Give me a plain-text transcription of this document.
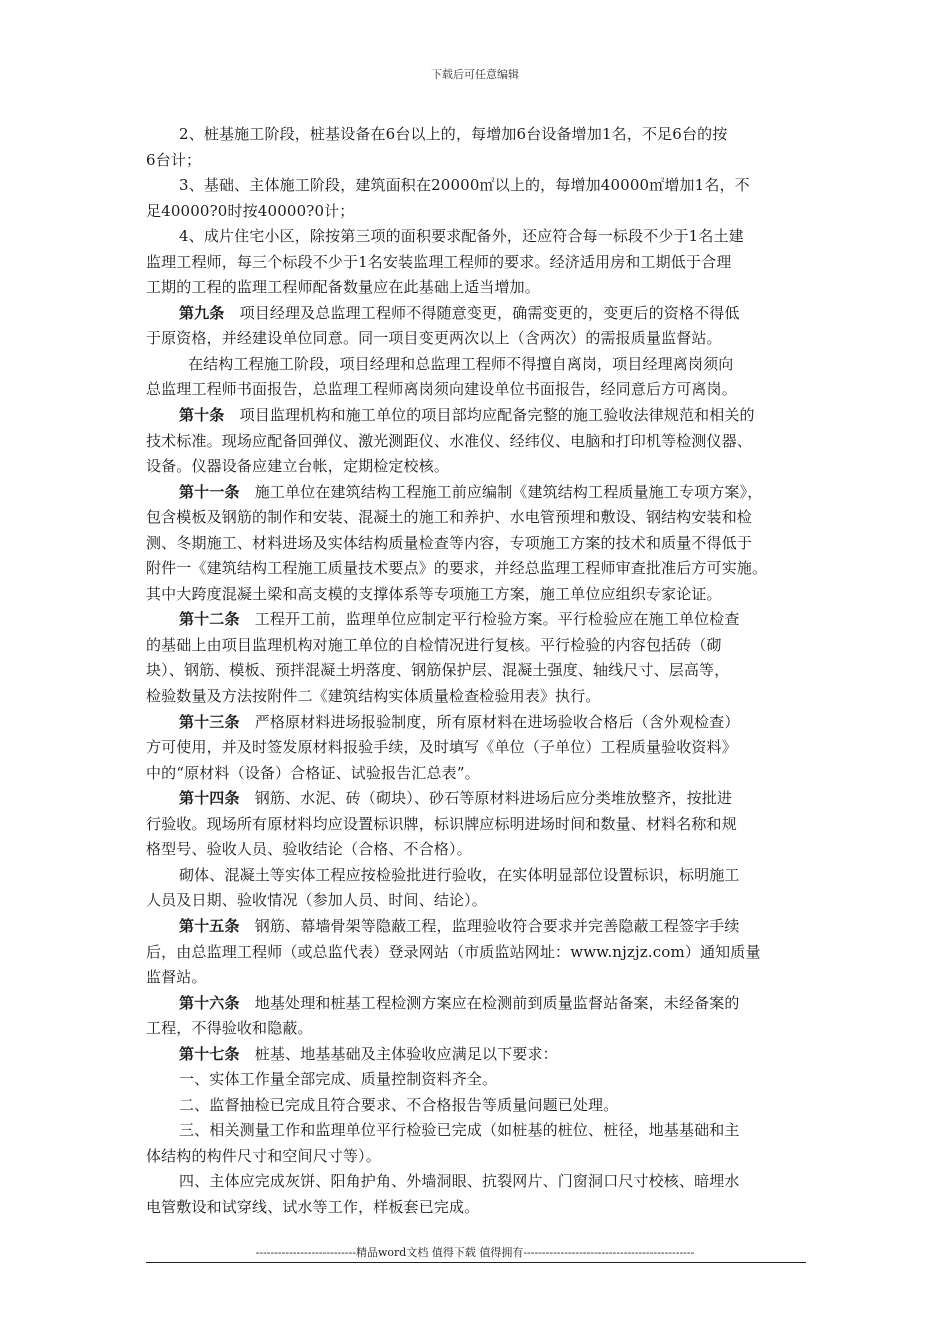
下载后可任意编辑
2、桩基施工阶段，桩基设备在6台以上的，每增加6台设备增加1名，不足6台的按
6台计；
3、基础、主体施工阶段，建筑面积在20000㎡以上的，每增加40000㎡增加1名，不
足40000?0时按40000?0计；
4、成片住宅小区，除按第三项的面积要求配备外，还应符合每一标段不少于1名土建
监理工程师，每三个标段不少于1名安装监理工程师的要求。经济适用房和工期低于合理
工期的工程的监理工程师配备数量应在此基础上适当增加。
第九条　项目经理及总监理工程师不得随意变更，确需变更的，变更后的资格不得低
于原资格，并经建设单位同意。同一项目变更两次以上（含两次）的需报质量监督站。
在结构工程施工阶段，项目经理和总监理工程师不得擅自离岗，项目经理离岗须向
总监理工程师书面报告，总监理工程师离岗须向建设单位书面报告，经同意后方可离岗。
第十条　项目监理机构和施工单位的项目部均应配备完整的施工验收法律规范和相关的
技术标准。现场应配备回弹仪、激光测距仪、水准仪、经纬仪、电脑和打印机等检测仪器、
设备。仪器设备应建立台帐，定期检定校核。
第十一条　施工单位在建筑结构工程施工前应编制《建筑结构工程质量施工专项方案》，
包含模板及钢筋的制作和安装、混凝土的施工和养护、水电管预埋和敷设、钢结构安装和检
测、冬期施工、材料进场及实体结构质量检查等内容，专项施工方案的技术和质量不得低于
附件一《建筑结构工程施工质量技术要点》的要求，并经总监理工程师审查批准后方可实施。
其中大跨度混凝土梁和高支模的支撑体系等专项施工方案，施工单位应组织专家论证。
第十二条　工程开工前，监理单位应制定平行检验方案。平行检验应在施工单位检查
的基础上由项目监理机构对施工单位的自检情况进行复核。平行检验的内容包括砖（砌
块）、钢筋、模板、预拌混凝土坍落度、钢筋保护层、混凝土强度、轴线尺寸、层高等，
检验数量及方法按附件二《建筑结构实体质量检查检验用表》执行。
第十三条　严格原材料进场报验制度，所有原材料在进场验收合格后（含外观检查）
方可使用，并及时签发原材料报验手续，及时填写《单位（子单位）工程质量验收资料》
中的“原材料（设备）合格证、试验报告汇总表”。
第十四条　钢筋、水泥、砖（砌块）、砂石等原材料进场后应分类堆放整齐，按批进
行验收。现场所有原材料均应设置标识牌，标识牌应标明进场时间和数量、材料名称和规
格型号、验收人员、验收结论（合格、不合格）。
砌体、混凝土等实体工程应按检验批进行验收，在实体明显部位设置标识，标明施工
人员及日期、验收情况（参加人员、时间、结论）。
第十五条　钢筋、幕墙骨架等隐蔽工程，监理验收符合要求并完善隐蔽工程签字手续
后，由总监理工程师（或总监代表）登录网站（市质监站网址：www.njzjz.com）通知质量
监督站。
第十六条　地基处理和桩基工程检测方案应在检测前到质量监督站备案，未经备案的
工程，不得验收和隐蔽。
第十七条　桩基、地基基础及主体验收应满足以下要求：
一、实体工作量全部完成、质量控制资料齐全。
二、监督抽检已完成且符合要求、不合格报告等质量问题已处理。
三、相关测量工作和监理单位平行检验已完成（如桩基的桩位、桩径，地基基础和主
体结构的构件尺寸和空间尺寸等）。
四、主体应完成灰饼、阳角护角、外墙洞眼、抗裂网片、门窗洞口尺寸校核、暗埋水
电管敷设和试穿线、试水等工作，样板套已完成。
---------------------------精品word文档 值得下载 值得拥有----------------------------------------------
